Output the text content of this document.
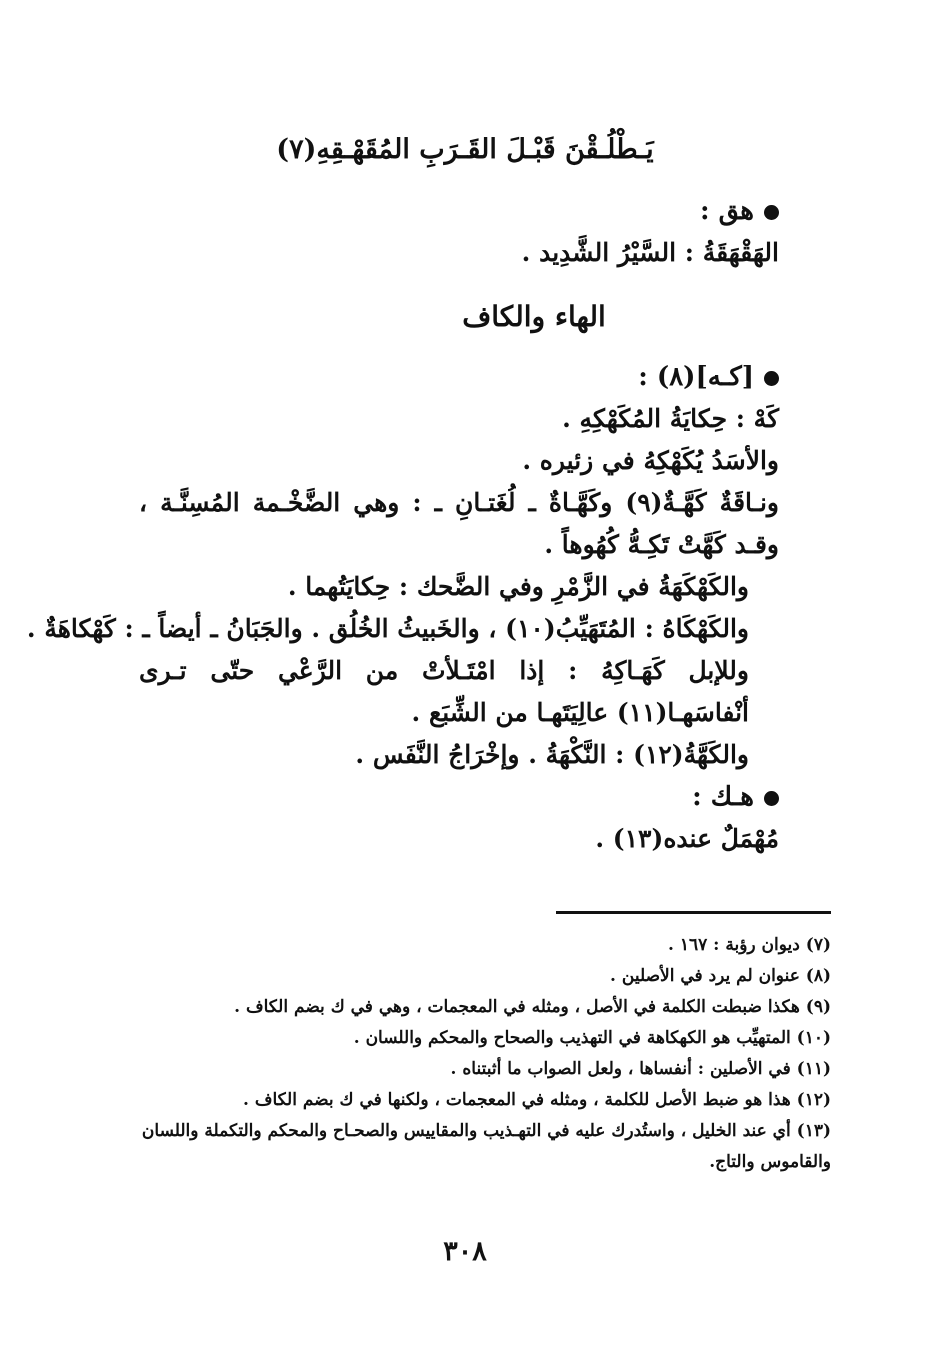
يَـطْلُـقْنَ قَبْـلَ القَـرَبِ المُقَهْـقِهِ(٧)
هق :

الهَقْهَقَةُ : السَّيْرُ الشَّدِيد .

الهاء والكاف
[كـه](٨) :

كَهْ : حِكايَةُ المُكَهْكِهِ .

والأسَدُ يُكَهْكِهُ في زئيره .

ونـاقَةٌ كَهَّـةٌ(٩) وكَهَّـاةٌ ـ لُغَتـانِ ـ : وهي الضَّخْـمة المُسِنَّـة ، وقـد كَهَّتْ تَكِـهُّ كُهُوهاً .

والكَهْكَهَةُ في الزَّمْرِ وفي الضَّحك : حِكايَتُهما .

والكَهْكَاهُ : المُتَهَيِّبُ(١٠) ، والخَبيثُ الخُلُق . والجَبَانُ ـ أيضاً ـ : كَهْكاهَةٌ .

وللإبل كَهَـاكِهُ : إذا امْتَـلأتْ من الرَّعْي حتّى تـرى أنْفاسَهـا(١١) عالِيَتَهـا من الشِّبَع .

والكَهَّةُ(١٢) : النَّكْهَةُ . وإخْرَاجُ النَّفَس .

هـك :

مُهْمَلٌ عنده(١٣) .

(٧) ديوان رؤبة : ١٦٧ .

(٨) عنوان لم يرد في الأصلين .

(٩) هكذا ضبطت الكلمة في الأصل ، ومثله في المعجمات ، وهي في ك بضم الكاف .

(١٠) المتهيِّب هو الكهكاهة في التهذيب والصحاح والمحكم واللسان .

(١١) في الأصلين : أنفساها ، ولعل الصواب ما أثبتناه .

(١٢) هذا هو ضبط الأصل للكلمة ، ومثله في المعجمات ، ولكنها في ك بضم الكاف .

(١٣) أي عند الخليل ، واستُدرك عليه في التهـذيب والمقاييس والصحـاح والمحكم والتكملة واللسان والقاموس والتاج.

٣٠٨
